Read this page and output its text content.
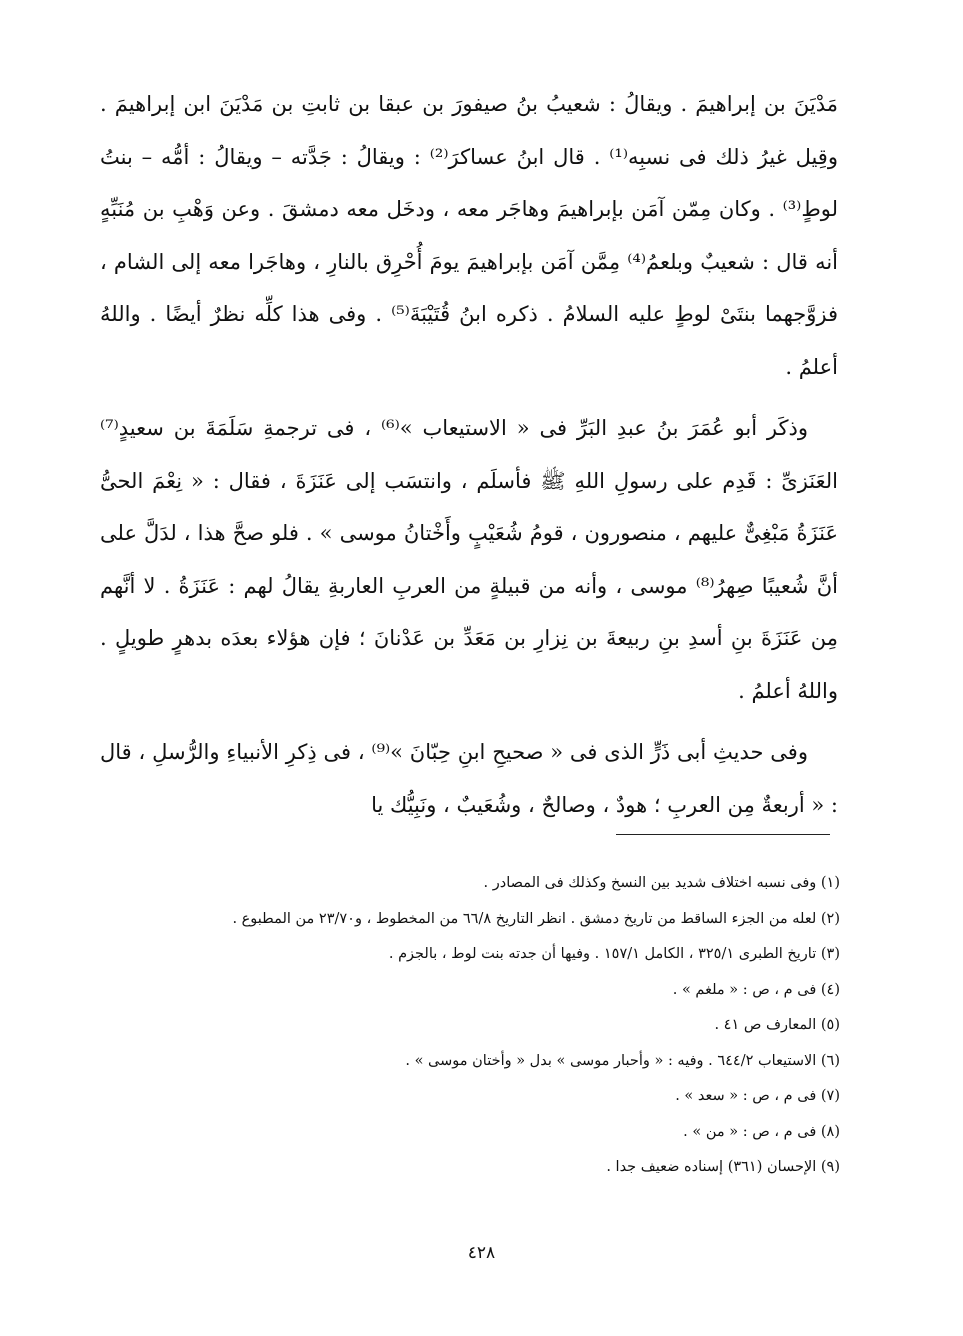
مَدْيَنَ بن إبراهيمَ . ويقالُ : شعيبُ بنُ صيفورَ بن عبقا بن ثابتِ بن مَدْيَنَ ابن إبراهيمَ . وقِيل غيرُ ذلك فى نسبِه⁽¹⁾ . قال ابنُ عساكرَ⁽²⁾ : ويقالُ : جَدَّته – ويقالُ : أمُّه – بنتُ لوطٍ⁽³⁾ . وكان مِمّن آمَن بإبراهيمَ وهاجَر معه ، ودخَل معه دمشقَ . وعن وَهْبِ بن مُنَبِّهٍ أنه قال : شعيبٌ وبلعمُ⁽⁴⁾ مِمَّن آمَن بإبراهيمَ يومَ أُحْرِق بالنارِ ، وهاجَرا معه إلى الشام ، فزوَّجهما بنتَىْ لوطٍ عليه السلامُ . ذكره ابنُ قُتَيْبَةَ⁽⁵⁾ . وفى هذا كلِّه نظرٌ أيضًا . واللهُ أعلمُ .

وذكَر أبو عُمَرَ بنُ عبدِ البَرِّ فى « الاستيعاب »⁽⁶⁾ ، فى ترجمةِ سَلَمَةَ بن سعيدٍ⁽⁷⁾ العَنَزىِّ : قَدِم على رسولِ اللهِ ﷺ فأسلَم ، وانتسَب إلى عَنَزَةَ ، فقال : « نِعْمَ الحىُّ عَنَزَةُ مَبْغِىٌّ عليهم ، منصورون ، قومُ شُعَيْبٍ وأَخْتانُ موسى » . فلو صحَّ هذا ، لدَلَّ على أنَّ شُعيبًا صِهرُ⁽⁸⁾ موسى ، وأنه من قبيلةٍ من العربِ العاربةِ يقالُ لهم : عَنَزَةُ . لا أنَّهم مِن عَنَزَةَ بنِ أسدِ بنِ ربيعةَ بن نِزارِ بن مَعَدِّ بن عَدْنانَ ؛ فإن هؤلاء بعدَه بدهرٍ طويلٍ . واللهُ أعلمُ .

وفى حديثِ أبى ذَرٍّ الذى فى « صحيحِ ابنِ حِبّانَ »⁽⁹⁾ ، فى ذِكرِ الأنبياءِ والرُّسلِ ، قال : « أربعةٌ مِن العربِ ؛ هودٌ ، وصالحٌ ، وشُعَيبٌ ، ونَبِيُّك يا

(١) وفى نسبه اختلاف شديد بين النسخ وكذلك فى المصادر .

(٢) لعله من الجزء الساقط من تاريخ دمشق . انظر التاريخ ٦٦/٨ من المخطوط ، و٢٣/٧٠ من المطبوع .

(٣) تاريخ الطبرى ٣٢٥/١ ، الكامل ١٥٧/١ . وفيها أن جدته بنت لوط ، بالجزم .

(٤) فى م ، ص : « ملغم » .

(٥) المعارف ص ٤١ .

(٦) الاستيعاب ٦٤٤/٢ . وفيه : « وأحبار موسى » بدل « وأختان موسى » .

(٧) فى م ، ص : « سعد » .

(٨) فى م ، ص : « من » .

(٩) الإحسان (٣٦١) إسناده ضعيف جدا .

٤٢٨
